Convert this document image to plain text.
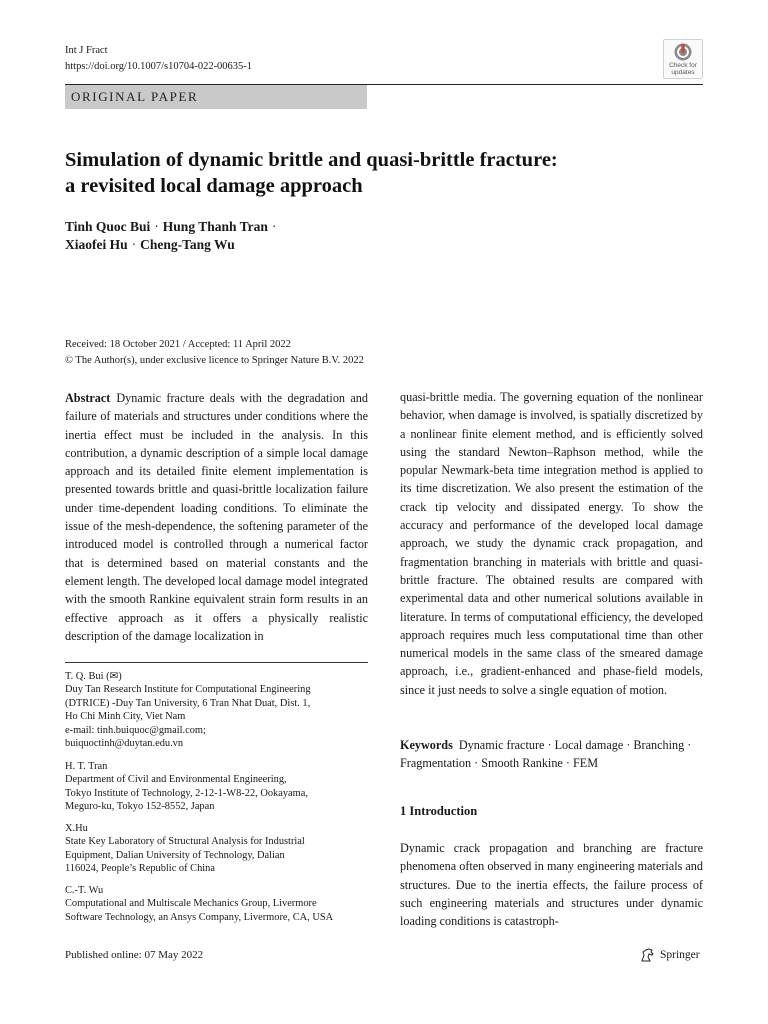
Int J Fract
https://doi.org/10.1007/s10704-022-00635-1	Check for
updates
ORIGINAL PAPER
Simulation of dynamic brittle and quasi-brittle fracture:
a revisited local damage approach
Tinh Quoc Bui · Hung Thanh Tran ·
Xiaofei Hu · Cheng-Tang Wu
Received: 18 October 2021 / Accepted: 11 April 2022
© The Author(s), under exclusive licence to Springer Nature B.V. 2022
Abstract Dynamic fracture deals with the degradation and failure of materials and structures under conditions where the inertia effect must be included in the analysis. In this contribution, a dynamic description of a simple local damage approach and its detailed finite element implementation is presented towards brittle and quasi-brittle localization failure under time-dependent loading conditions. To eliminate the issue of the mesh-dependence, the softening parameter of the introduced model is controlled through a numerical factor that is determined based on material constants and the element length. The developed local damage model integrated with the smooth Rankine equivalent strain form results in an effective approach as it offers a physically realistic description of the damage localization in
quasi-brittle media. The governing equation of the nonlinear behavior, when damage is involved, is spatially discretized by a nonlinear finite element method, and is efficiently solved using the standard Newton–Raphson method, while the popular Newmark-beta time integration method is applied to its time discretization. We also present the estimation of the crack tip velocity and dissipated energy. To show the accuracy and performance of the developed local damage approach, we study the dynamic crack propagation, and fragmentation branching in materials with brittle and quasi-brittle fracture. The obtained results are compared with experimental data and other numerical solutions available in literature. In terms of computational efficiency, the developed approach requires much less computational time than other numerical models in the same class of the smeared damage approach, i.e., gradient-enhanced and phase-field models, since it just needs to solve a single equation of motion.
T. Q. Bui (✉)
Duy Tan Research Institute for Computational Engineering
(DTRICE) -Duy Tan University, 6 Tran Nhat Duat, Dist. 1,
Ho Chi Minh City, Viet Nam
e-mail: tinh.buiquoc@gmail.com;
buiquoctinh@duytan.edu.vn
H. T. Tran
Department of Civil and Environmental Engineering,
Tokyo Institute of Technology, 2-12-1-W8-22, Ookayama,
Meguro-ku, Tokyo 152-8552, Japan
X.Hu
State Key Laboratory of Structural Analysis for Industrial
Equipment, Dalian University of Technology, Dalian
116024, People’s Republic of China
C.-T. Wu
Computational and Multiscale Mechanics Group, Livermore
Software Technology, an Ansys Company, Livermore, CA, USA
Keywords Dynamic fracture · Local damage · Branching · Fragmentation · Smooth Rankine · FEM
1 Introduction
Dynamic crack propagation and branching are fracture phenomena often observed in many engineering materials and structures. Due to the inertia effects, the failure process of such engineering materials and structures under dynamic loading conditions is catastroph-
Published online: 07 May 2022	Springer
